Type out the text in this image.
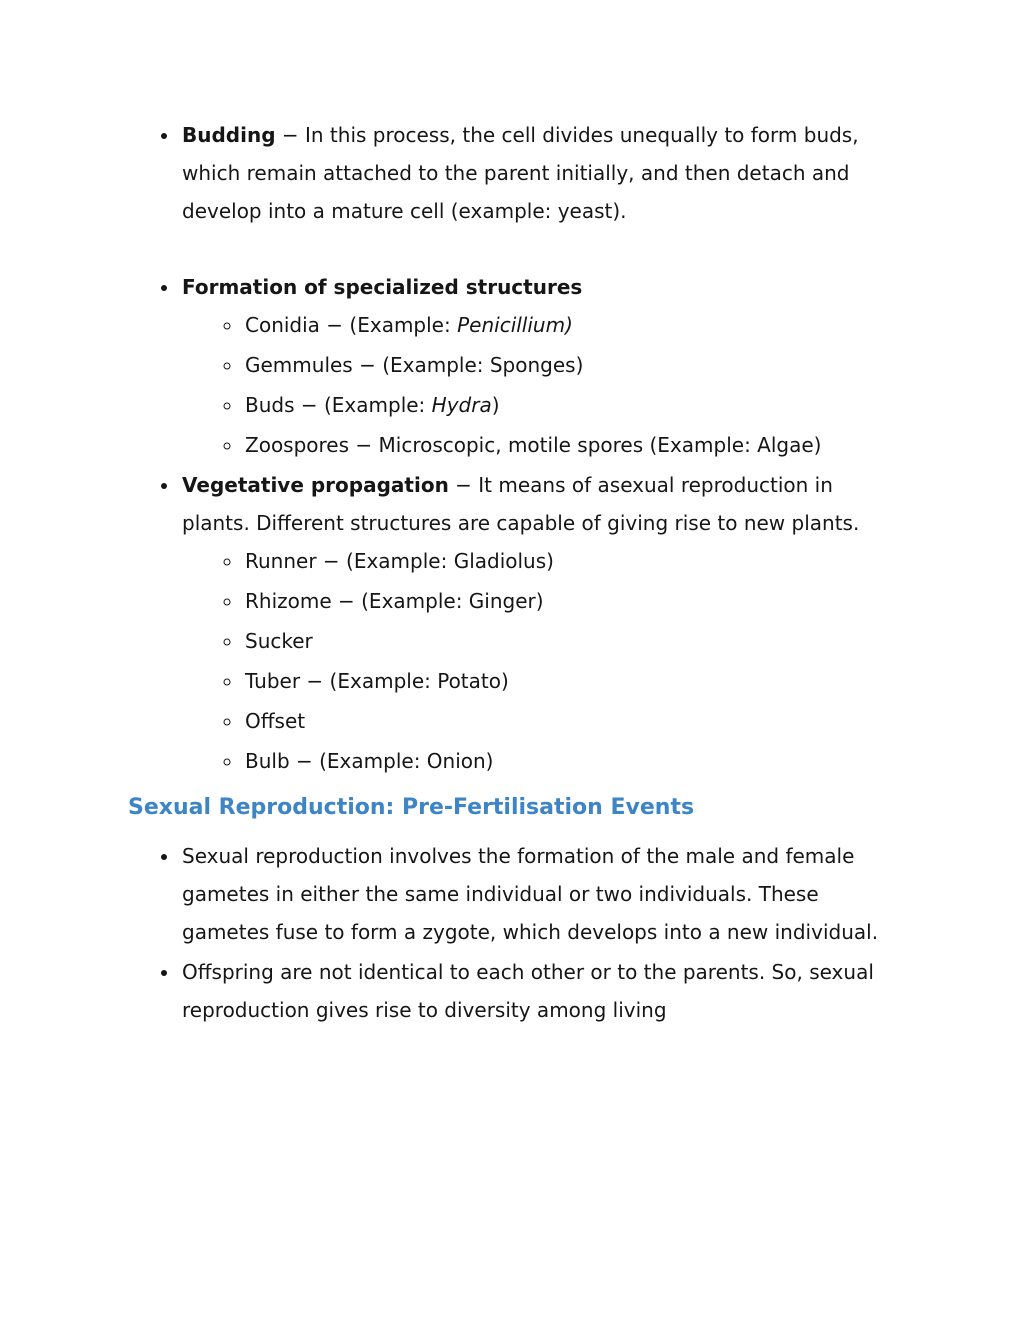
• Budding − In this process, the cell divides unequally to form buds, which remain attached to the parent initially, and then detach and develop into a mature cell (example: yeast).
• Formation of specialized structures
◦ Conidia − (Example: Penicillium)
◦ Gemmules − (Example: Sponges)
◦ Buds − (Example: Hydra)
◦ Zoospores − Microscopic, motile spores (Example: Algae)
• Vegetative propagation − It means of asexual reproduction in plants. Different structures are capable of giving rise to new plants.
◦ Runner − (Example: Gladiolus)
◦ Rhizome − (Example: Ginger)
◦ Sucker
◦ Tuber − (Example: Potato)
◦ Offset
◦ Bulb − (Example: Onion)
Sexual Reproduction: Pre-Fertilisation Events
• Sexual reproduction involves the formation of the male and female gametes in either the same individual or two individuals. These gametes fuse to form a zygote, which develops into a new individual.
• Offspring are not identical to each other or to the parents. So, sexual reproduction gives rise to diversity among living
